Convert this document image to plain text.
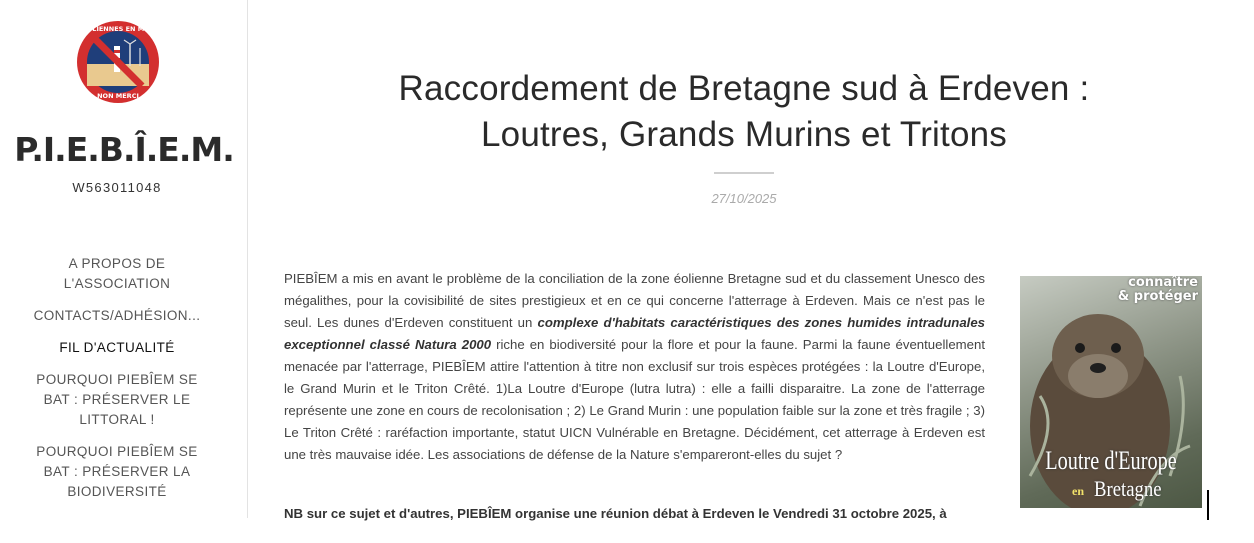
ÉOLIENNES EN MER
NON MERCI
P.I.E.B.Î.E.M.
W563011048
A PROPOS DE L'ASSOCIATION
CONTACTS/ADHÉSION...
FIL D'ACTUALITÉ
POURQUOI PIEBÎEM SE BAT : PRÉSERVER LE LITTORAL !
POURQUOI PIEBÎEM SE BAT : PRÉSERVER LA BIODIVERSITÉ
Raccordement de Bretagne sud à Erdeven :
Loutres, Grands Murins et Tritons
27/10/2025

PIEBÎEM a mis en avant le problème de la conciliation de la zone éolienne Bretagne sud et du classement Unesco des mégalithes, pour la covisibilité de sites prestigieux et en ce qui concerne l'atterrage à Erdeven. Mais ce n'est pas le seul. Les dunes d'Erdeven constituent un complexe d'habitats caractéristiques des zones humides intradunales exceptionnel classé Natura 2000 riche en biodiversité pour la flore et pour la faune. Parmi la faune éventuellement menacée par l'atterrage, PIEBÎEM attire l'attention à titre non exclusif sur trois espèces protégées : la Loutre d'Europe, le Grand Murin et le Triton Crêté. 1)La Loutre d'Europe (lutra lutra) : elle a failli disparaitre. La zone de l'atterrage représente une zone en cours de recolonisation ; 2) Le Grand Murin : une population faible sur la zone et très fragile ; 3) Le Triton Crêté : raréfaction importante, statut UICN Vulnérable en Bretagne. Décidément, cet atterrage à Erdeven est une très mauvaise idée. Les associations de défense de la Nature s'empareront-elles du sujet ?

NB sur ce sujet et d'autres, PIEBÎEM organise une réunion débat à Erdeven le Vendredi 31 octobre 2025, à
connaître
& protéger
Loutre d'Europe
en Bretagne
